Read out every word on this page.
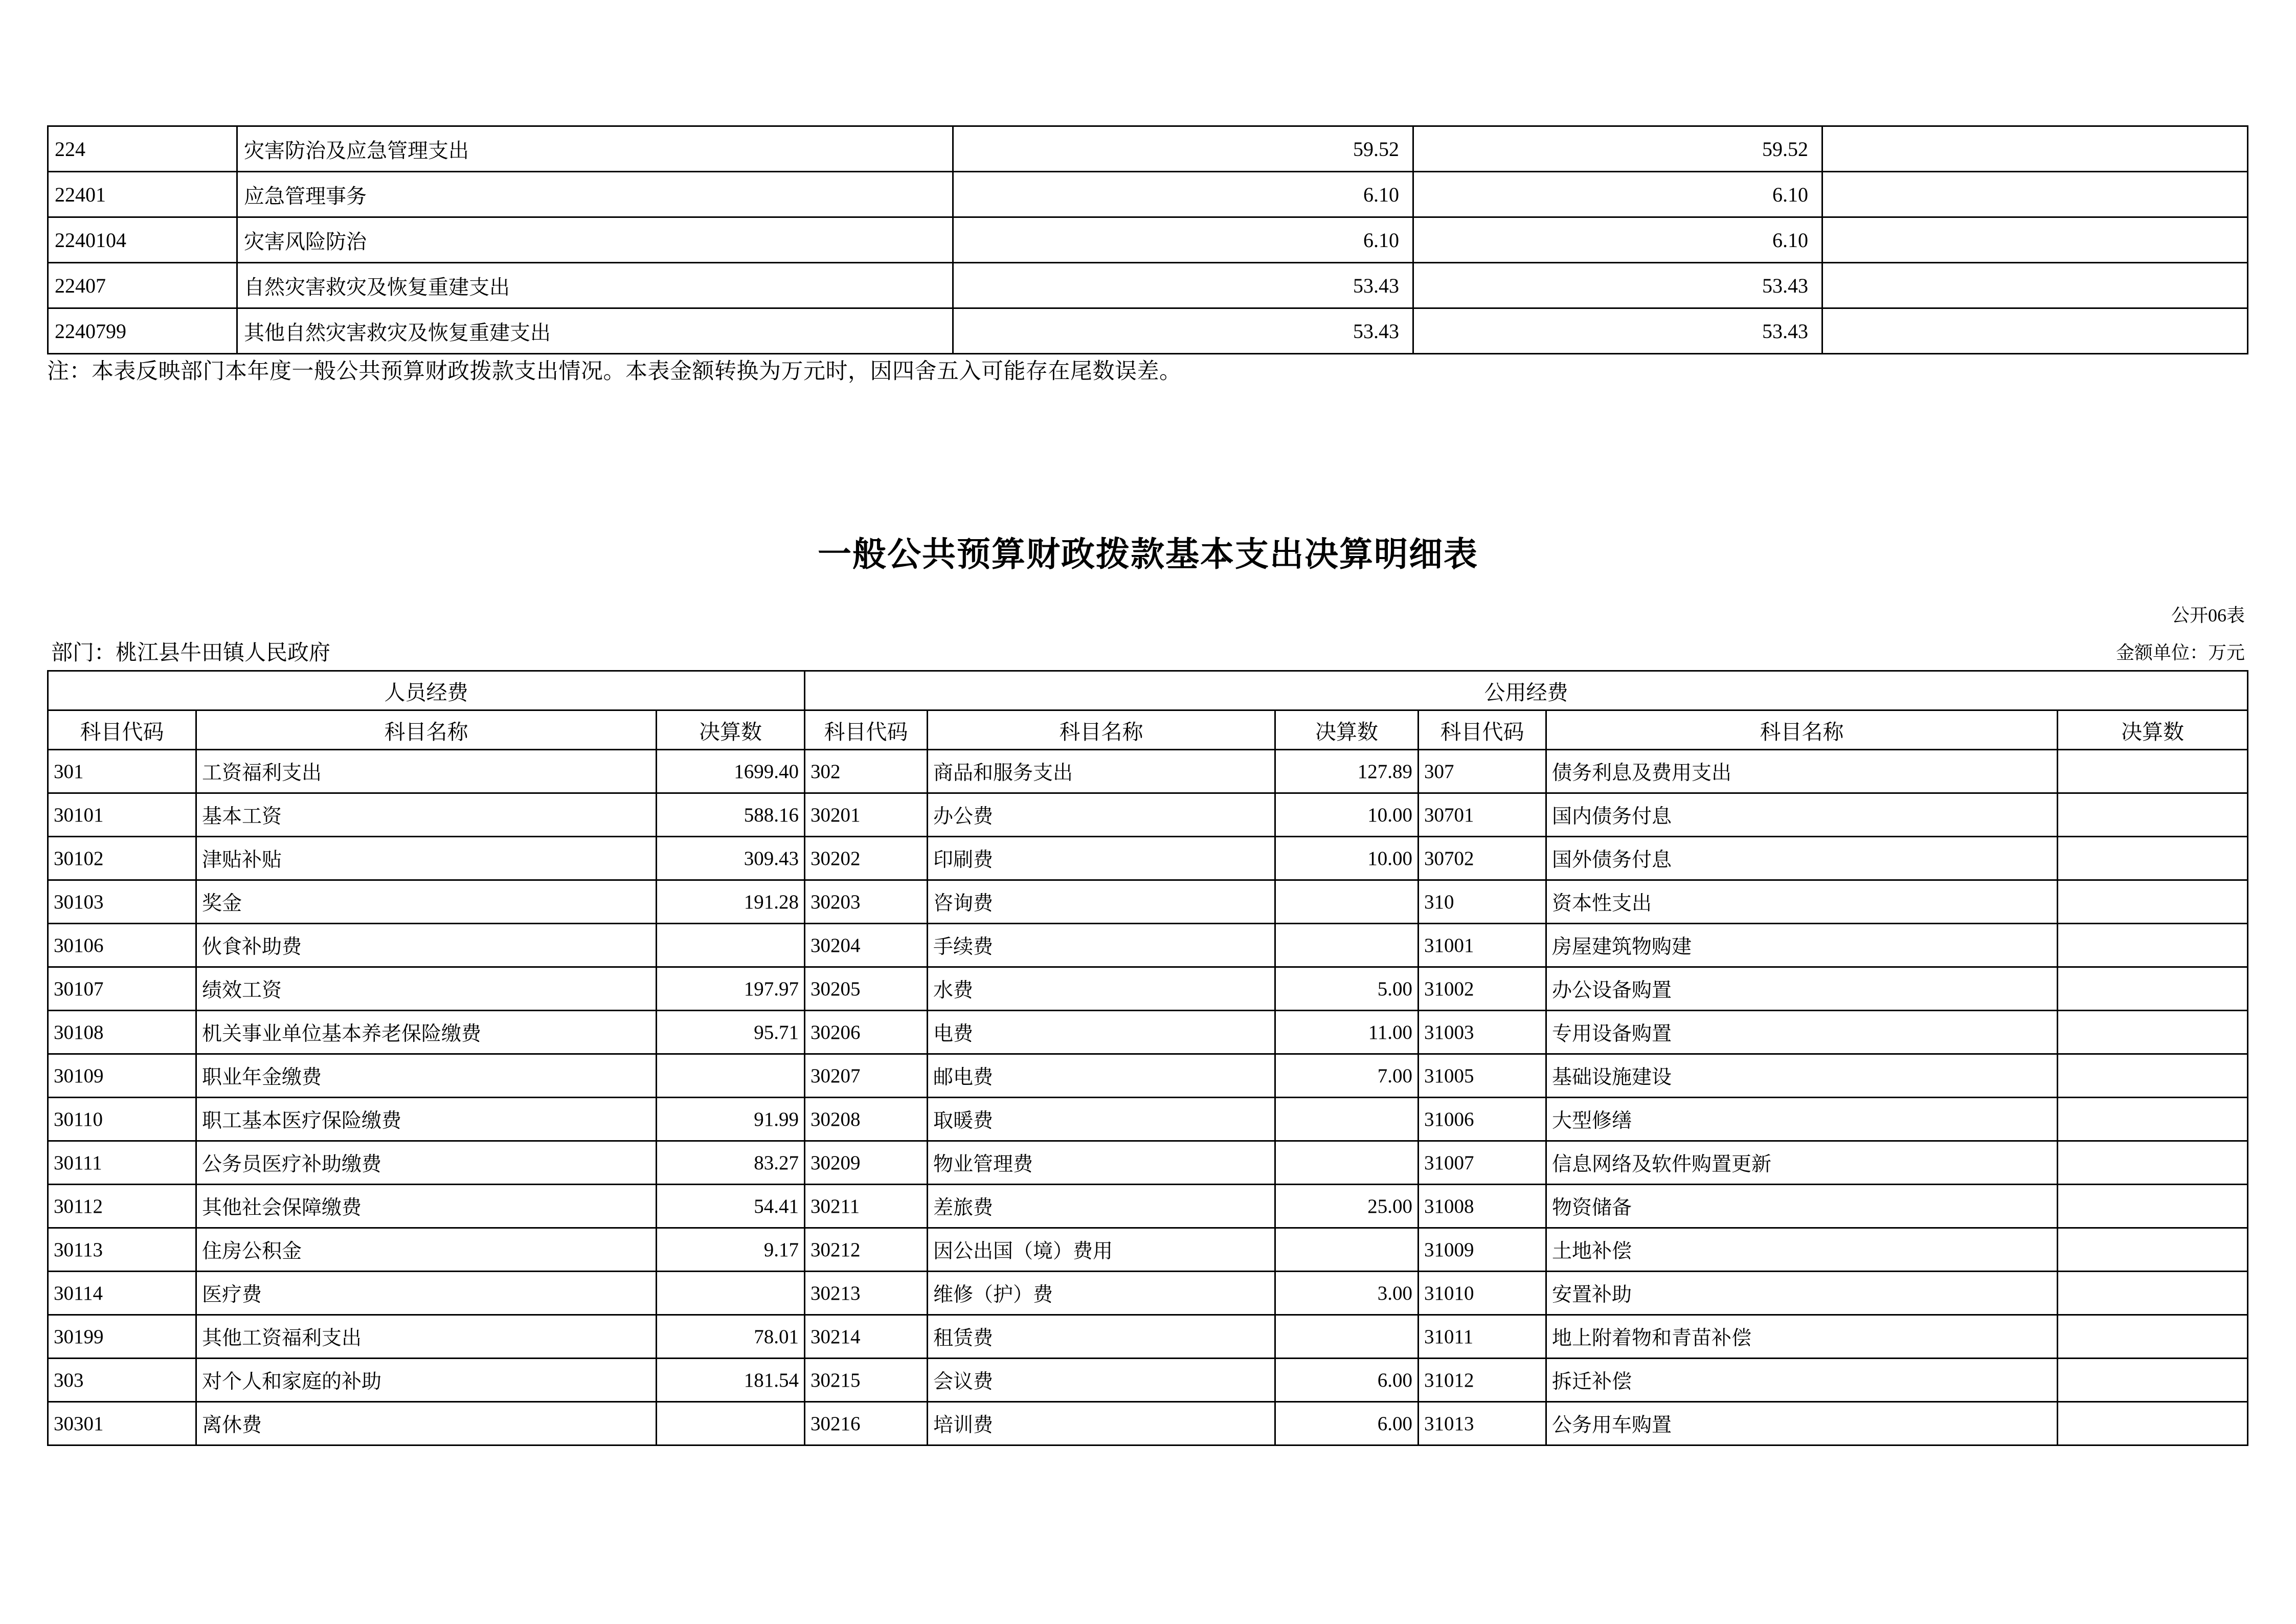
224	灾害防治及应急管理支出	59.52	59.52	
22401	应急管理事务	6.10	6.10	
2240104	灾害风险防治	6.10	6.10	
22407	自然灾害救灾及恢复重建支出	53.43	53.43	
2240799	其他自然灾害救灾及恢复重建支出	53.43	53.43	
注：本表反映部门本年度一般公共预算财政拨款支出情况。本表金额转换为万元时，因四舍五入可能存在尾数误差。
一般公共预算财政拨款基本支出决算明细表
公开06表
金额单位：万元
部门：桃江县牛田镇人民政府
人员经费			公用经费					
科目代码	科目名称	决算数	科目代码	科目名称	决算数	科目代码	科目名称	决算数
301	工资福利支出	1699.40	302	商品和服务支出	127.89	307	债务利息及费用支出	
30101	基本工资	588.16	30201	办公费	10.00	30701	国内债务付息	
30102	津贴补贴	309.43	30202	印刷费	10.00	30702	国外债务付息	
30103	奖金	191.28	30203	咨询费		310	资本性支出	
30106	伙食补助费		30204	手续费		31001	房屋建筑物购建	
30107	绩效工资	197.97	30205	水费	5.00	31002	办公设备购置	
30108	机关事业单位基本养老保险缴费	95.71	30206	电费	11.00	31003	专用设备购置	
30109	职业年金缴费		30207	邮电费	7.00	31005	基础设施建设	
30110	职工基本医疗保险缴费	91.99	30208	取暖费		31006	大型修缮	
30111	公务员医疗补助缴费	83.27	30209	物业管理费		31007	信息网络及软件购置更新	
30112	其他社会保障缴费	54.41	30211	差旅费	25.00	31008	物资储备	
30113	住房公积金	9.17	30212	因公出国（境）费用		31009	土地补偿	
30114	医疗费		30213	维修（护）费	3.00	31010	安置补助	
30199	其他工资福利支出	78.01	30214	租赁费		31011	地上附着物和青苗补偿	
303	对个人和家庭的补助	181.54	30215	会议费	6.00	31012	拆迁补偿	
30301	离休费		30216	培训费	6.00	31013	公务用车购置	
